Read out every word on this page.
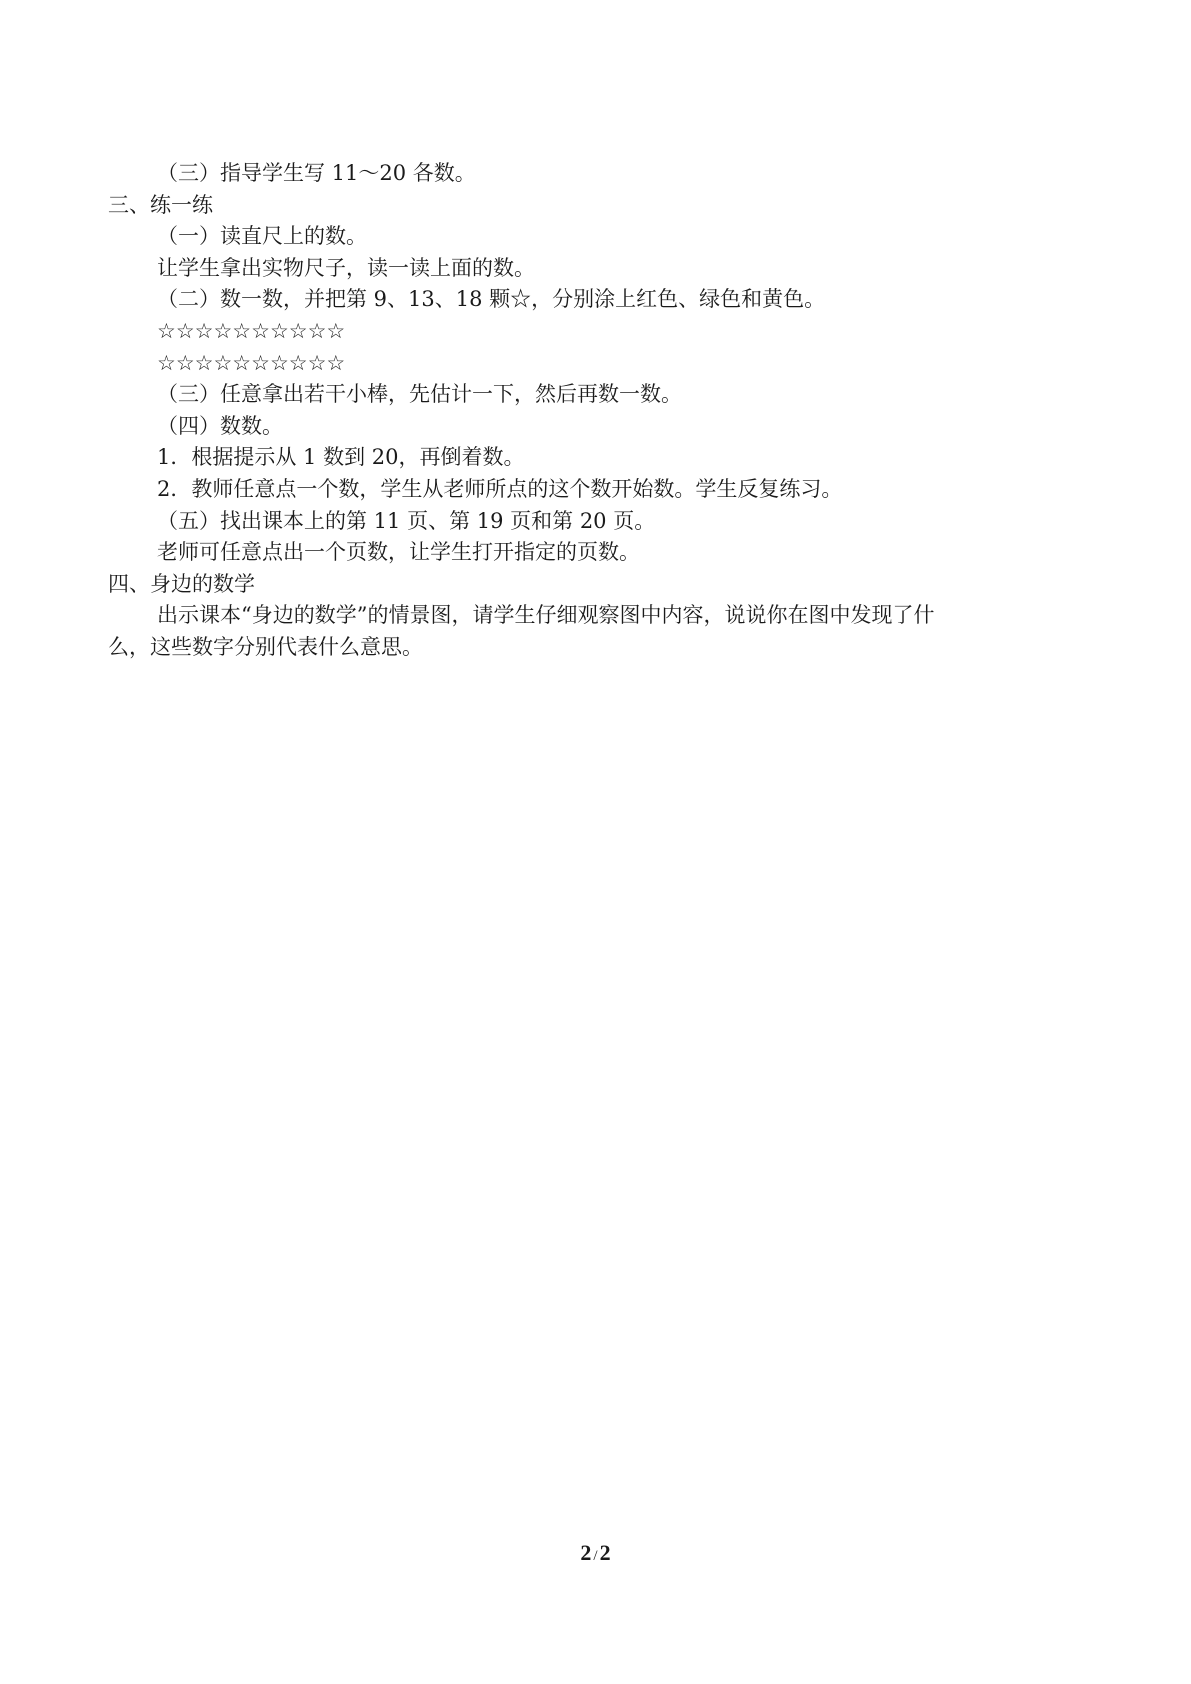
（三）指导学生写 11～20 各数。
三、练一练
（一）读直尺上的数。
让学生拿出实物尺子，读一读上面的数。
（二）数一数，并把第 9、13、18 颗☆，分别涂上红色、绿色和黄色。
☆☆☆☆☆☆☆☆☆☆
☆☆☆☆☆☆☆☆☆☆
（三）任意拿出若干小棒，先估计一下，然后再数一数。
（四）数数。
1．根据提示从 1 数到 20，再倒着数。
2．教师任意点一个数，学生从老师所点的这个数开始数。学生反复练习。
（五）找出课本上的第 11 页、第 19 页和第 20 页。
老师可任意点出一个页数，让学生打开指定的页数。
四、身边的数学
出示课本“身边的数学”的情景图，请学生仔细观察图中内容，说说你在图中发现了什
么，这些数字分别代表什么意思。
2 /2
